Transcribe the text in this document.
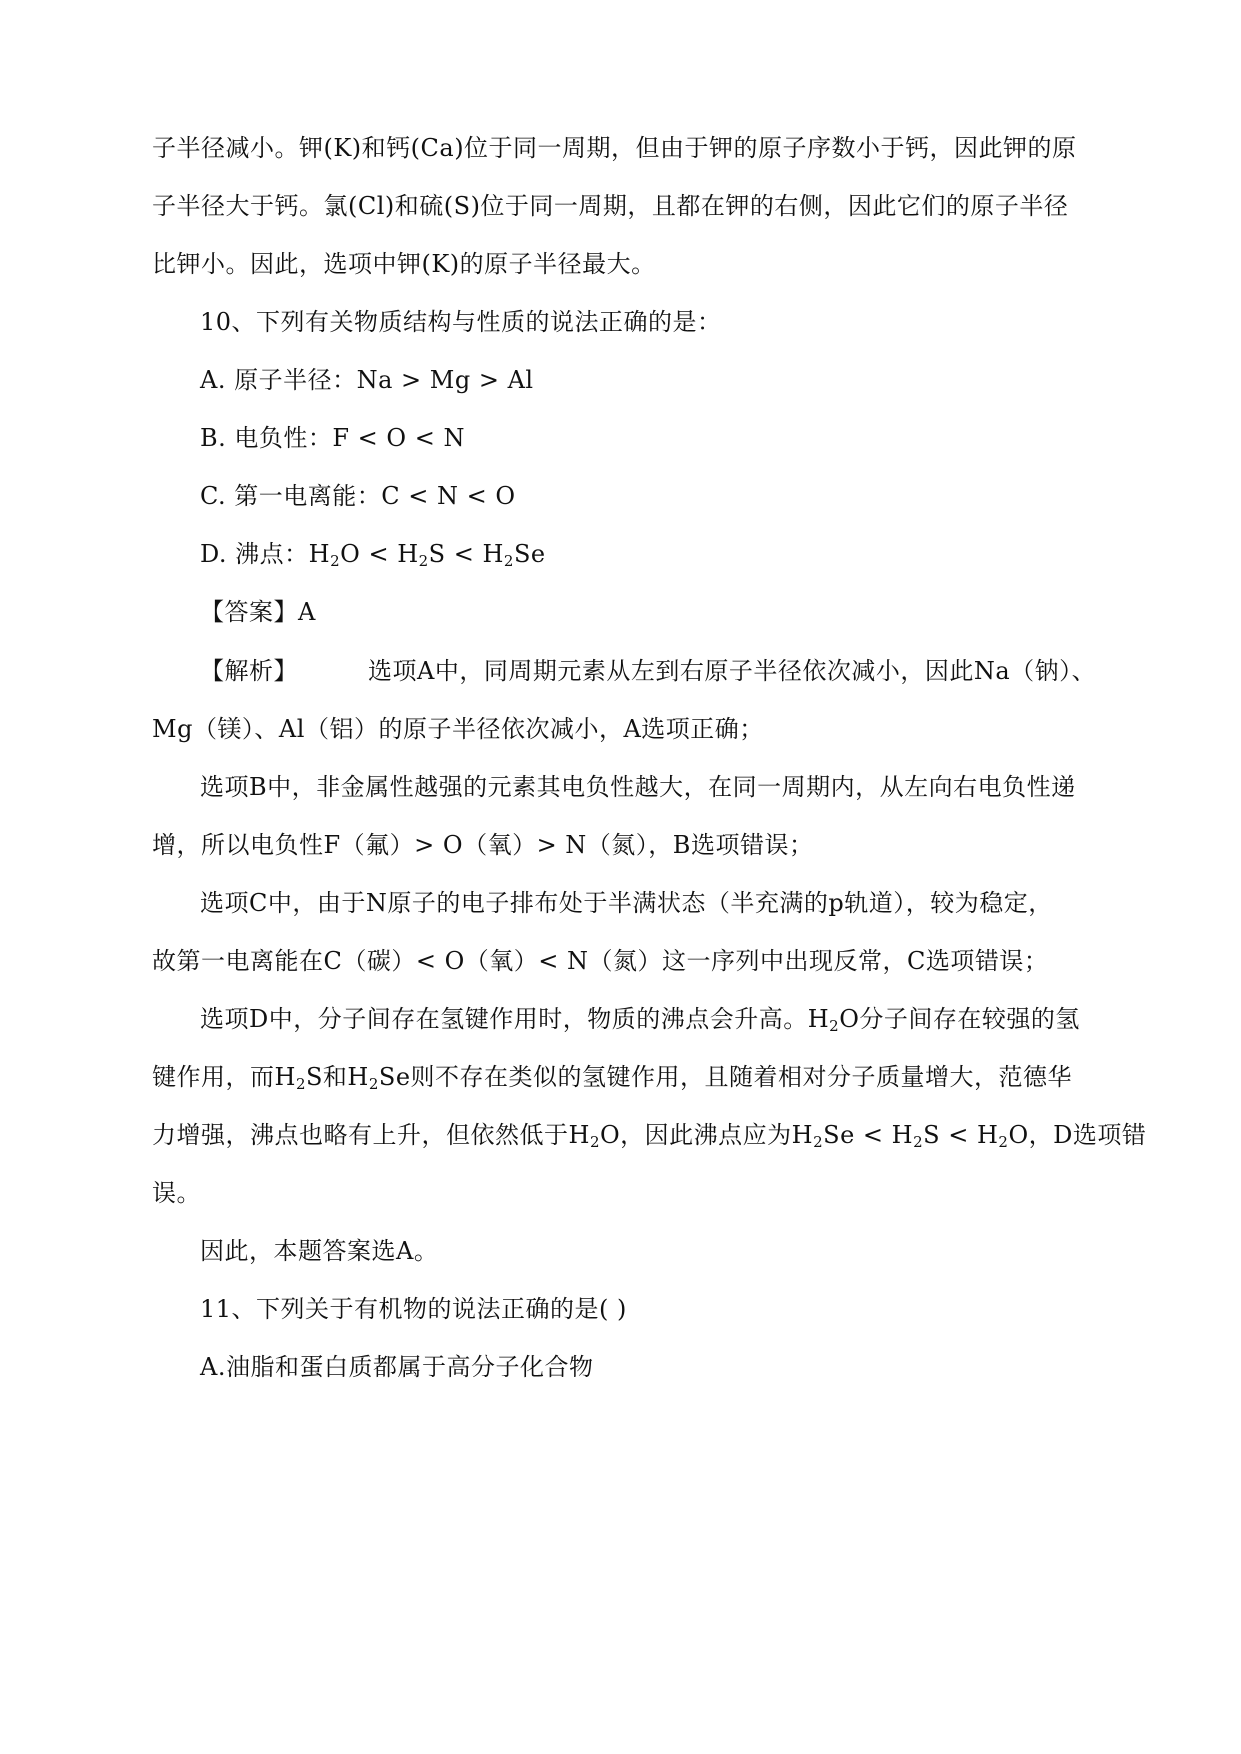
子半径减小。钾(K)和钙(Ca)位于同一周期，但由于钾的原子序数小于钙，因此钾的原
子半径大于钙。氯(Cl)和硫(S)位于同一周期，且都在钾的右侧，因此它们的原子半径
比钾小。因此，选项中钾(K)的原子半径最大。
10、下列有关物质结构与性质的说法正确的是：
A. 原子半径：Na > Mg > Al
B. 电负性：F < O < N
C. 第一电离能：C < N < O
D. 沸点：$H_2O < H_2S < H_2Se$
【答案】A
【解析】	选项A中，同周期元素从左到右原子半径依次减小，因此Na（钠）、
Mg（镁）、Al（铝）的原子半径依次减小，A选项正确；
选项B中，非金属性越强的元素其电负性越大，在同一周期内，从左向右电负性递
增，所以电负性F（氟）> O（氧）> N（氮），B选项错误；
选项C中，由于N原子的电子排布处于半满状态（半充满的p轨道），较为稳定，
故第一电离能在C（碳）< O（氧）< N（氮）这一序列中出现反常，C选项错误；
选项D中，分子间存在氢键作用时，物质的沸点会升高。$H_2O$分子间存在较强的氢
键作用，而$H_2S$和$H_2Se$则不存在类似的氢键作用，且随着相对分子质量增大，范德华
力增强，沸点也略有上升，但依然低于$H_2O$，因此沸点应为$H_2Se < H_2S < H_2O$，D选项错
误。
因此，本题答案选A。
11、下列关于有机物的说法正确的是( )
A.油脂和蛋白质都属于高分子化合物
